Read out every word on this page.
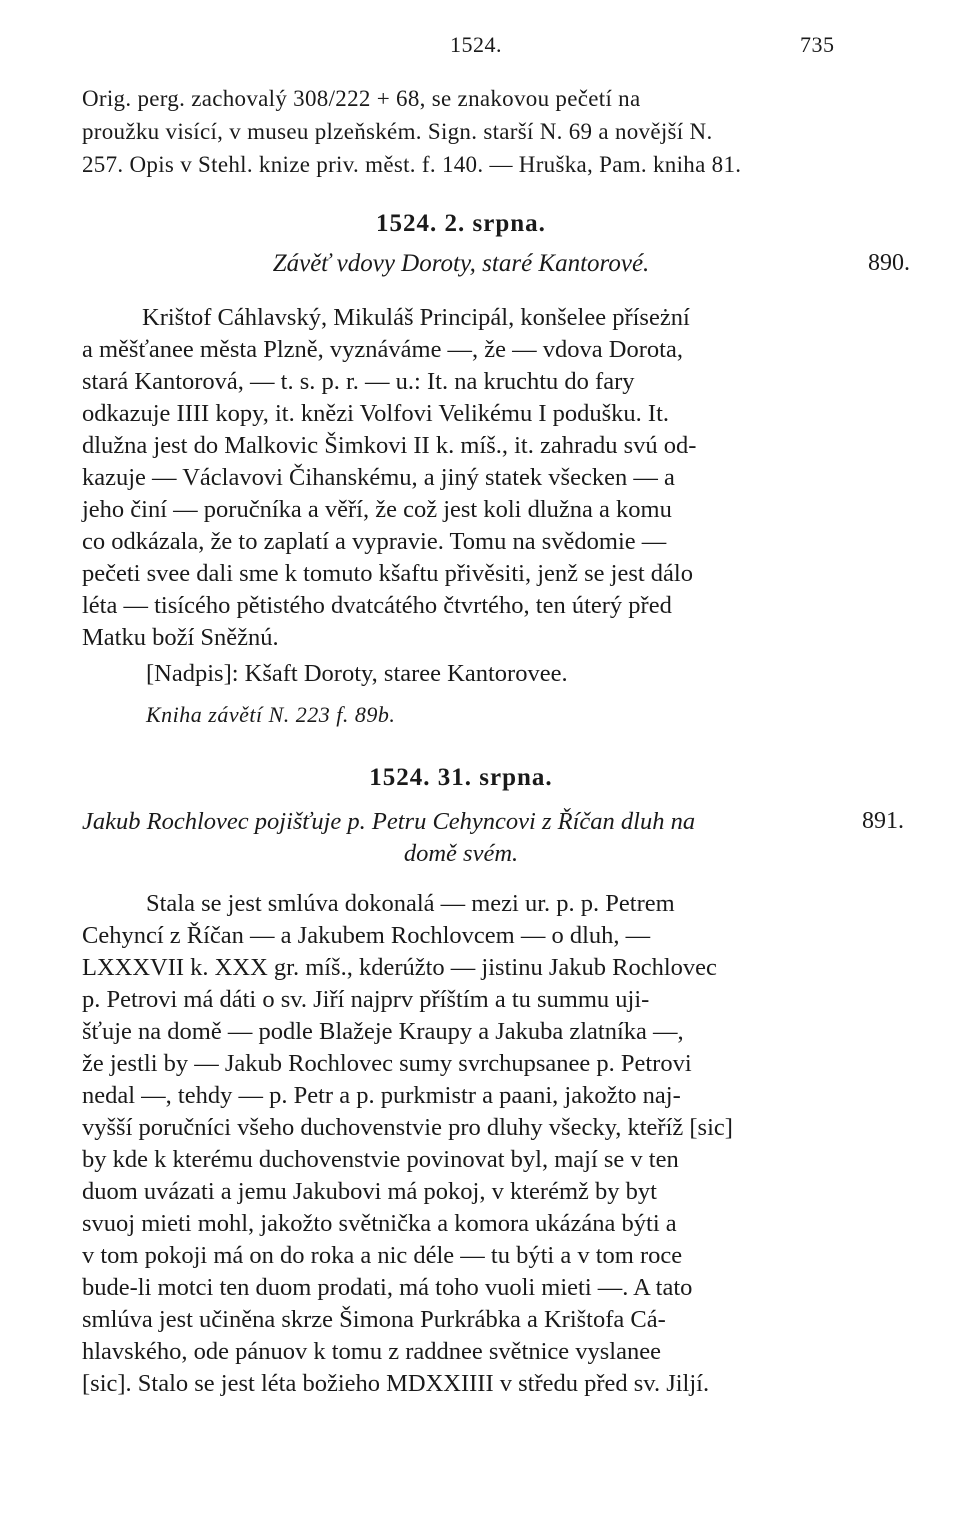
1524.	735
Orig. perg. zachovalý 308/222 + 68, se znakovou pečetí na
proužku visící, v museu plzeňském. Sign. starší N. 69 a novější N.
257. Opis v Stehl. knize priv. měst. f. 140. — Hruška, Pam. kniha 81.
1524. 2. srpna.
Závěť vdovy Doroty, staré Kantorové.	890.
Krištof Cáhlavský, Mikuláš Principál, konšelee příseżní
a měšťanee města Plzně, vyznáváme —, že — vdova Dorota,
stará Kantorová, — t. s. p. r. — u.: It. na kruchtu do fary
odkazuje IIII kopy, it. knězi Volfovi Velikému I podušku. It.
dlužna jest do Malkovic Šimkovi II k. míš., it. zahradu svú od-
kazuje — Václavovi Čihanskému, a jiný statek všecken — a
jeho činí — poručníka a věří, že což jest koli dlužna a komu
co odkázala, že to zaplatí a vypravie. Tomu na svědomie —
pečeti svee dali sme k tomuto kšaftu přivěsiti, jenž se jest dálo
léta — tisícého pětistého dvatcátého čtvrtého, ten úterý před
Matku boží Sněžnú.
[Nadpis]: Kšaft Doroty, staree Kantorovee.
Kniha závětí N. 223 f. 89b.
1524. 31. srpna.
Jakub Rochlovec pojišťuje p. Petru Cehyncovi z Říčan dluh na
domě svém.
891.
Stala se jest smlúva dokonalá — mezi ur. p. p. Petrem
Cehyncí z Říčan — a Jakubem Rochlovcem — o dluh, —
LXXXVII k. XXX gr. míš., kderúžto — jistinu Jakub Rochlovec
p. Petrovi má dáti o sv. Jiří najprv příštím a tu summu uji-
šťuje na domě — podle Blažeje Kraupy a Jakuba zlatníka —,
že jestli by — Jakub Rochlovec sumy svrchupsanee p. Petrovi
nedal —, tehdy — p. Petr a p. purkmistr a paani, jakožto naj-
vyšší poručníci všeho duchovenstvie pro dluhy všecky, kteříž [sic]
by kde k kterému duchovenstvie povinovat byl, mají se v ten
duom uvázati a jemu Jakubovi má pokoj, v kterémž by byt
svuoj mieti mohl, jakožto světnička a komora ukázána býti a
v tom pokoji má on do roka a nic déle — tu býti a v tom roce
bude-li motci ten duom prodati, má toho vuoli mieti —. A tato
smlúva jest učiněna skrze Šimona Purkrábka a Krištofa Cá-
hlavského, ode pánuov k tomu z raddnee světnice vyslanee
[sic]. Stalo se jest léta božieho MDXXIIII v středu před sv. Jiljí.
